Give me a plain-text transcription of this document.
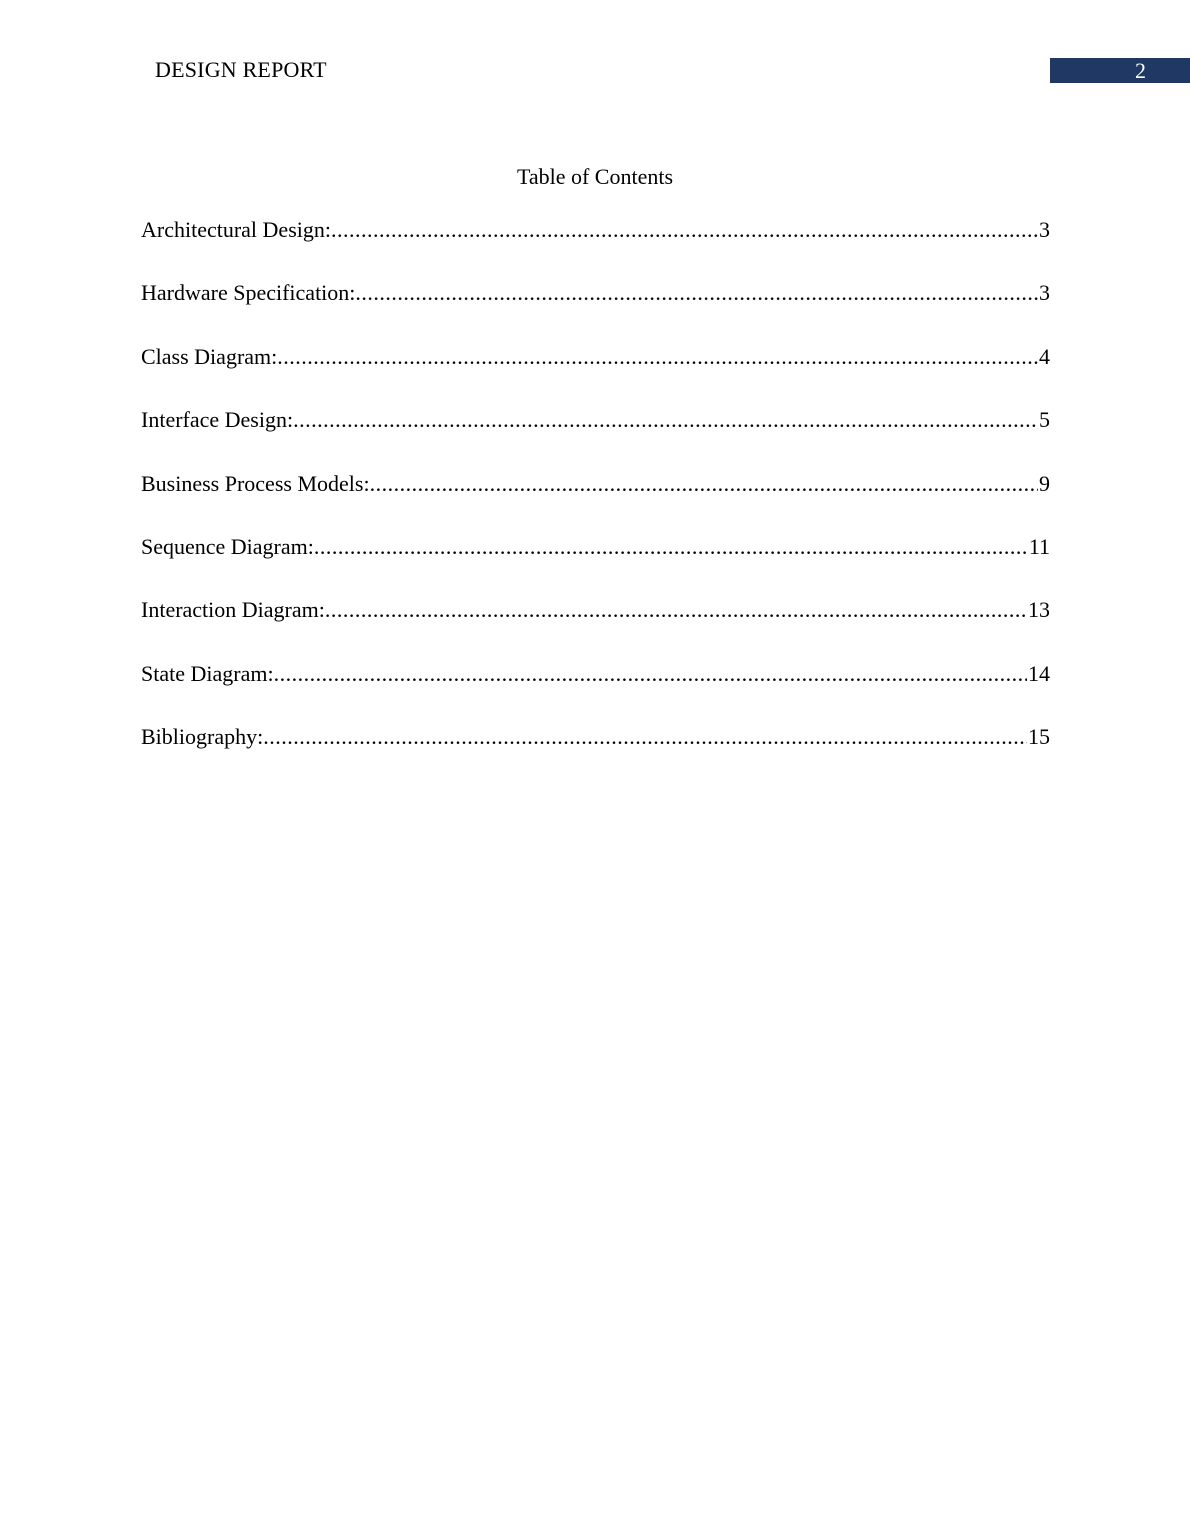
DESIGN REPORT	2
Table of Contents
Architectural Design: .....	3
Hardware Specification: .....	3
Class Diagram: .....	4
Interface Design: .....	5
Business Process Models: .....	9
Sequence Diagram: .....	11
Interaction Diagram: .....	13
State Diagram: .....	14
Bibliography: .....	15
